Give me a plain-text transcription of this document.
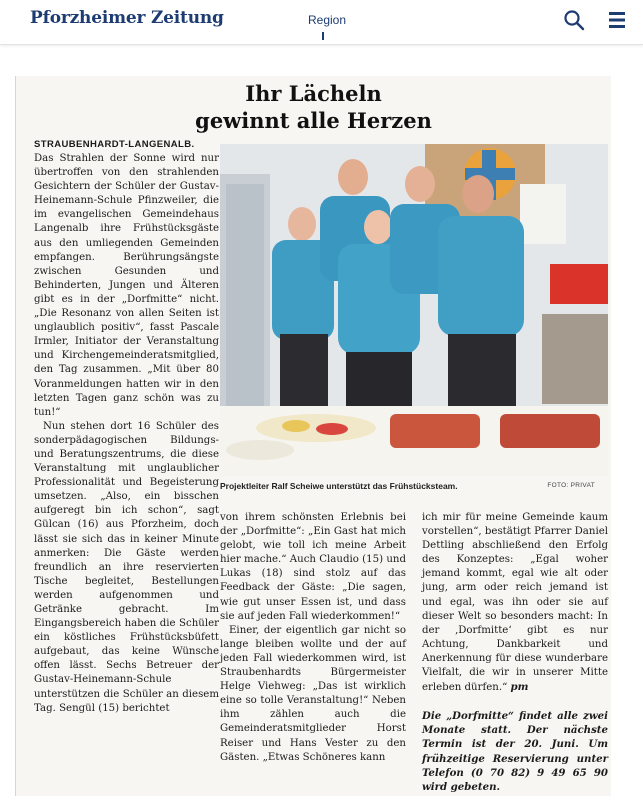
Pforzheimer Zeitung	Region
Ihr Lächeln
gewinnt alle Herzen
STRAUBENHARDT-LANGENALB.

Das Strahlen der Sonne wird nur übertroffen von den strahlenden Gesichtern der Schüler der Gustav-Heinemann-Schule Pfinzweiler, die im evangelischen Gemeindehaus Langenalb ihre Frühstücksgäste aus den umliegenden Gemeinden empfangen. Berührungsängste zwischen Gesunden und Behinderten, Jungen und Älteren gibt es in der „Dorfmitte“ nicht. „Die Resonanz von allen Seiten ist unglaublich positiv“, fasst Pascale Irmler, Initiator der Veranstaltung und Kirchengemeinderatsmitglied, den Tag zusammen. „Mit über 80 Voranmeldungen hatten wir in den letzten Tagen ganz schön was zu tun!“

Nun stehen dort 16 Schüler des sonderpädagogischen Bildungs- und Beratungszentrums, die diese Veranstaltung mit unglaublicher Professionalität und Begeisterung umsetzen. „Also, ein bisschen aufgeregt bin ich schon“, sagt Gülcan (16) aus Pforzheim, doch lässt sie sich das in keiner Minute anmerken: Die Gäste werden freundlich an ihre reservierten Tische begleitet, Bestellungen werden aufgenommen und Getränke gebracht. Im Eingangsbereich haben die Schüler ein köstliches Frühstücksbüfett aufgebaut, das keine Wünsche offen lässt. Sechs Betreuer der Gustav-Heinemann-Schule unterstützen die Schüler an diesem Tag. Sengül (15) berichtet

Projektleiter Ralf Scheiwe unterstützt das Frühstücksteam.	FOTO: PRIVAT

von ihrem schönsten Erlebnis bei der „Dorfmitte“: „Ein Gast hat mich gelobt, wie toll ich meine Arbeit hier mache.“ Auch Claudio (15) und Lukas (18) sind stolz auf das Feedback der Gäste: „Die sagen, wie gut unser Essen ist, und dass sie auf jeden Fall wiederkommen!“

Einer, der eigentlich gar nicht so lange bleiben wollte und der auf jeden Fall wiederkommen wird, ist Straubenhardts Bürgermeister Helge Viehweg: „Das ist wirklich eine so tolle Veranstaltung!“ Neben ihm zählen auch die Gemeinderatsmitglieder Horst Reiser und Hans Vester zu den Gästen. „Etwas Schöneres kann

ich mir für meine Gemeinde kaum vorstellen“, bestätigt Pfarrer Daniel Dettling abschließend den Erfolg des Konzeptes: „Egal woher jemand kommt, egal wie alt oder jung, arm oder reich jemand ist und egal, was ihn oder sie auf dieser Welt so besonders macht: In der ‚Dorfmitte‘ gibt es nur Achtung, Dankbarkeit und Anerkennung für diese wunderbare Vielfalt, die wir in unserer Mitte erleben dürfen.“ pm

Die „Dorfmitte“ findet alle zwei Monate statt. Der nächste Termin ist der 20. Juni. Um frühzeitige Reservierung unter Telefon (0 70 82) 9 49 65 90 wird gebeten.
